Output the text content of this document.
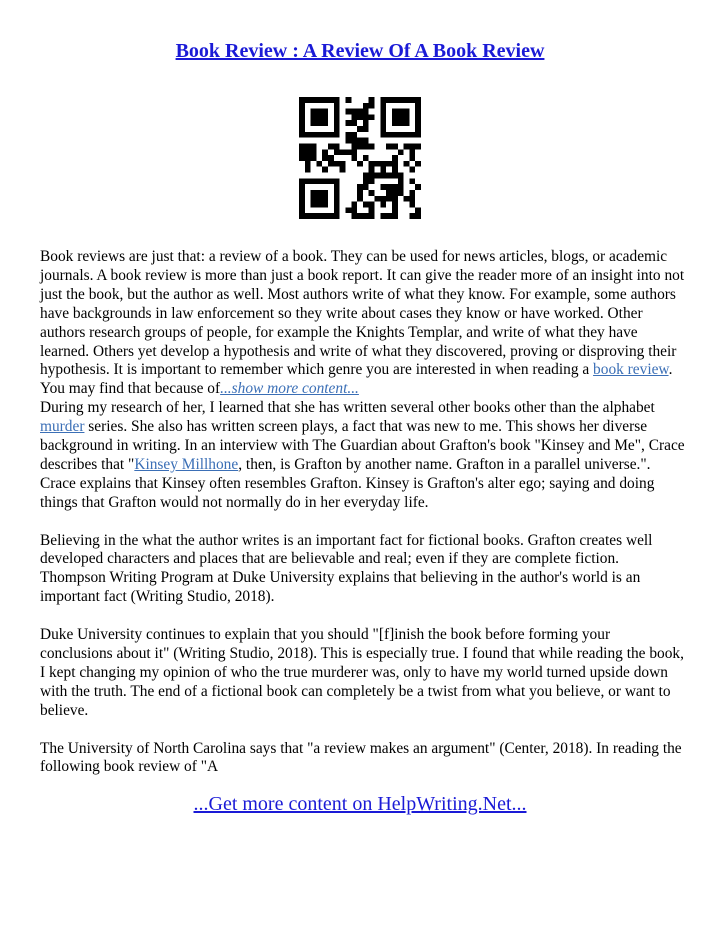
Book Review : A Review Of A Book Review

Book reviews are just that: a review of a book. They can be used for news articles, blogs, or academic journals. A book review is more than just a book report. It can give the reader more of an insight into not just the book, but the author as well. Most authors write of what they know. For example, some authors have backgrounds in law enforcement so they write about cases they know or have worked. Other authors research groups of people, for example the Knights Templar, and write of what they have learned. Others yet develop a hypothesis and write of what they discovered, proving or disproving their hypothesis. It is important to remember which genre you are interested in when reading a book review. You may find that because of...show more content...

During my research of her, I learned that she has written several other books other than the alphabet murder series. She also has written screen plays, a fact that was new to me. This shows her diverse background in writing. In an interview with The Guardian about Grafton's book "Kinsey and Me", Crace describes that "Kinsey Millhone, then, is Grafton by another name. Grafton in a parallel universe.". Crace explains that Kinsey often resembles Grafton. Kinsey is Grafton's alter ego; saying and doing things that Grafton would not normally do in her everyday life.

Believing in the what the author writes is an important fact for fictional books. Grafton creates well developed characters and places that are believable and real; even if they are complete fiction. Thompson Writing Program at Duke University explains that believing in the author's world is an important fact (Writing Studio, 2018).

Duke University continues to explain that you should "[f]inish the book before forming your conclusions about it" (Writing Studio, 2018). This is especially true. I found that while reading the book, I kept changing my opinion of who the true murderer was, only to have my world turned upside down with the truth. The end of a fictional book can completely be a twist from what you believe, or want to believe.

The University of North Carolina says that "a review makes an argument" (Center, 2018). In reading the following book review of "A

...Get more content on HelpWriting.Net...
